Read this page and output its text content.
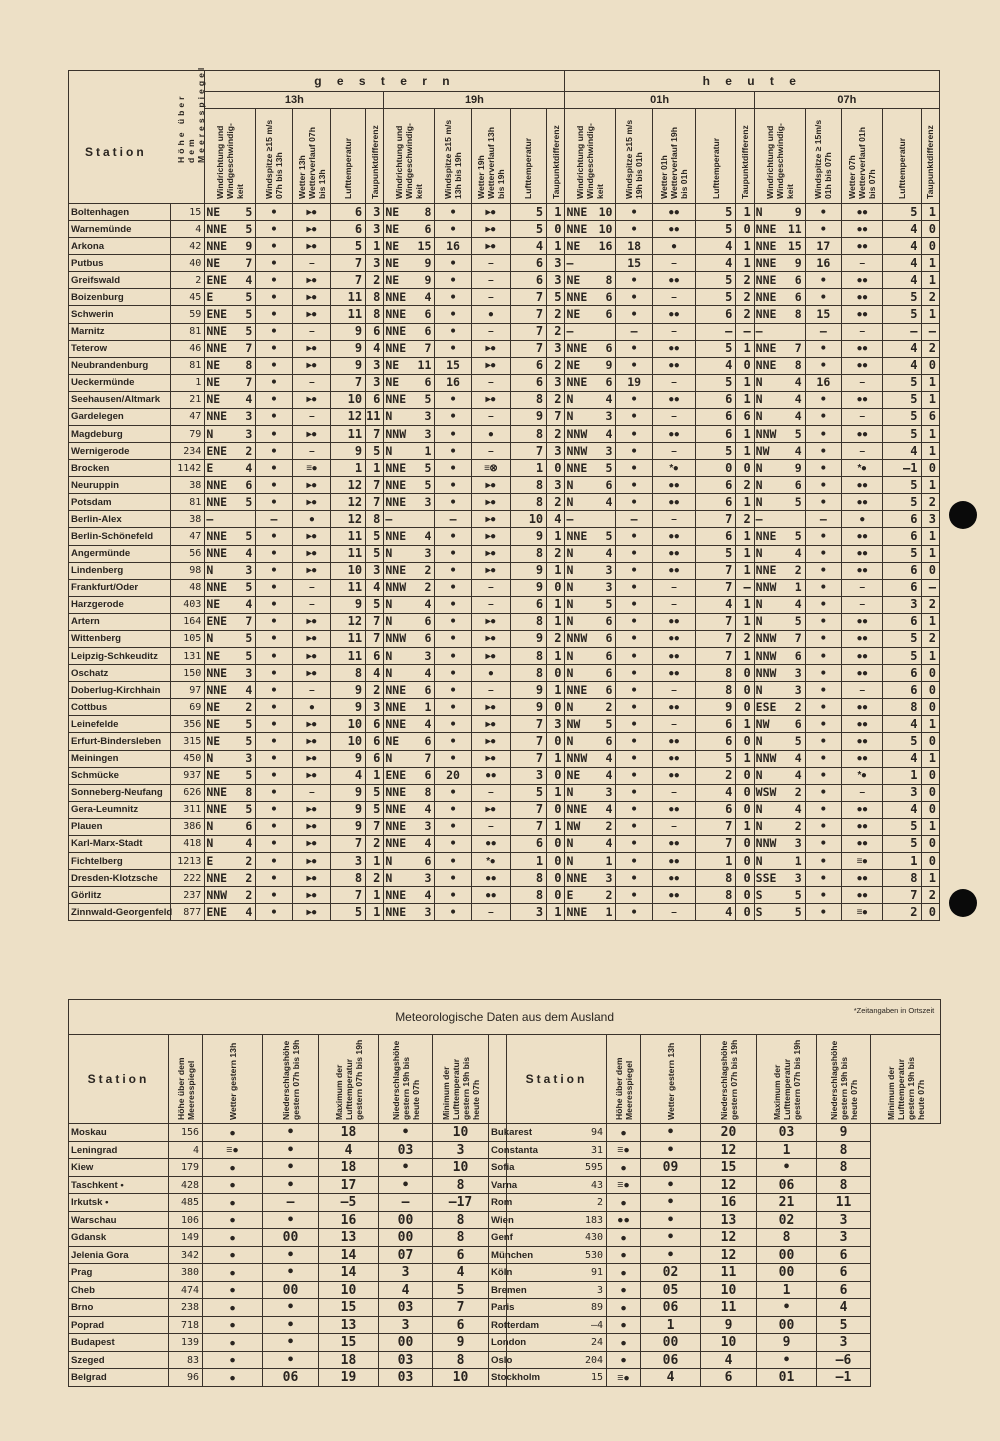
Station Höhe über dem Meeresspiegel		g e s t e r n										h e u t e									
		13h					19h					01h					07h				

		Windrichtung und Windgeschwindig-keit	Windspitze ≥15 m/s 07h bis 13h	Wetter 13h Wetterverlauf 07h bis 13h	Lufttemperatur	Taupunktdifferenz	Windrichtung und Windgeschwindig-keit	Windspitze ≥15 m/s 13h bis 19h	Wetter 19h Wetterverlauf 13h bis 19h	Lufttemperatur	Taupunktdifferenz	Windrichtung und Windgeschwindig-keit	Windspitze ≥15 m/s 19h bis 01h	Wetter 01h Wetterverlauf 19h bis 01h	Lufttemperatur	Taupunktdifferenz	Windrichtung und Windgeschwindig-keit	Windspitze ≥ 15m/s 01h bis 07h	Wetter 07h Wetterverlauf 01h bis 07h	Lufttemperatur	Taupunktdifferenz

Boltenhagen	15	NE 5	•	▸●	6	3	NE 8	•	▸●	5	1	NNE 10	•	●●	5	1	N 9	•	●●	5	1
Warnemünde	4	NNE 5	•	▸●	6	3	NE 6	•	▸●	5	0	NNE 10	•	●●	5	0	NNE 11	•	●●	4	0
Arkona	42	NNE 9	•	▸●	5	1	NE 15	16	▸●	4	1	NE 16	18	●	4	1	NNE 15	17	●●	4	0
Putbus	40	NE 7	•	–	7	3	NE 9	•	–	6	3	–	15	–	4	1	NNE 9	16	–	4	1
Greifswald	2	ENE 4	•	▸●	7	2	NE 9	•	–	6	3	NE 8	•	●●	5	2	NNE 6	•	●●	4	1
Boizenburg	45	E 5	•	▸●	11	8	NNE 4	•	–	7	5	NNE 6	•	–	5	2	NNE 6	•	●●	5	2
Schwerin	59	ENE 5	•	▸●	11	8	NNE 6	•	●	7	2	NE 6	•	●●	6	2	NNE 8	15	●●	5	1
Marnitz	81	NNE 5	•	–	9	6	NNE 6	•	–	7	2	–	–	–	–	–	–	–	–	–	–
Teterow	46	NNE 7	•	▸●	9	4	NNE 7	•	▸●	7	3	NNE 6	•	●●	5	1	NNE 7	•	●●	4	2
Neubrandenburg	81	NE 8	•	▸●	9	3	NE 11	15	▸●	6	2	NE 9	•	●●	4	0	NNE 8	•	●●	4	0
Ueckermünde	1	NE 7	•	–	7	3	NE 6	16	–	6	3	NNE 6	19	–	5	1	N 4	16	–	5	1
Seehausen/Altmark	21	NE 4	•	▸●	10	6	NNE 5	•	▸●	8	2	N 4	•	●●	6	1	N 4	•	●●	5	1
Gardelegen	47	NNE 3	•	–	12	11	N 3	•	–	9	7	N 3	•	–	6	6	N 4	•	–	5	6
Magdeburg	79	N 3	•	▸●	11	7	NNW 3	•	●	8	2	NNW 4	•	●●	6	1	NNW 5	•	●●	5	1
Wernigerode	234	ENE 2	•	–	9	5	N 1	•	–	7	3	NNW 3	•	–	5	1	NW 4	•	–	4	1
Brocken	1142	E 4	•	≡●	1	1	NNE 5	•	≡⊗	1	0	NNE 5	•	*●	0	0	N 9	•	*●	–1	0
Neuruppin	38	NNE 6	•	▸●	12	7	NNE 5	•	▸●	8	3	N 6	•	●●	6	2	N 6	•	●●	5	1
Potsdam	81	NNE 5	•	▸●	12	7	NNE 3	•	▸●	8	2	N 4	•	●●	6	1	N 5	•	●●	5	2
Berlin-Alex	38	–	–	●	12	8	–	–	▸●	10	4	–	–	–	7	2	–	–	●	6	3
Berlin-Schönefeld	47	NNE 5	•	▸●	11	5	NNE 4	•	▸●	9	1	NNE 5	•	●●	6	1	NNE 5	•	●●	6	1
Angermünde	56	NNE 4	•	▸●	11	5	N 3	•	▸●	8	2	N 4	•	●●	5	1	N 4	•	●●	5	1
Lindenberg	98	N 3	•	▸●	10	3	NNE 2	•	▸●	9	1	N 3	•	●●	7	1	NNE 2	•	●●	6	0
Frankfurt/Oder	48	NNE 5	•	–	11	4	NNW 2	•	–	9	0	N 3	•	–	7	–	NNW 1	•	–	6	–
Harzgerode	403	NE 4	•	–	9	5	N 4	•	–	6	1	N 5	•	–	4	1	N 4	•	–	3	2
Artern	164	ENE 7	•	▸●	12	7	N 6	•	▸●	8	1	N 6	•	●●	7	1	N 5	•	●●	6	1
Wittenberg	105	N 5	•	▸●	11	7	NNW 6	•	▸●	9	2	NNW 6	•	●●	7	2	NNW 7	•	●●	5	2
Leipzig-Schkeuditz	131	NE 5	•	▸●	11	6	N 3	•	▸●	8	1	N 6	•	●●	7	1	NNW 6	•	●●	5	1
Oschatz	150	NNE 3	•	▸●	8	4	N 4	•	●	8	0	N 6	•	●●	8	0	NNW 3	•	●●	6	0
Doberlug-Kirchhain	97	NNE 4	•	–	9	2	NNE 6	•	–	9	1	NNE 6	•	–	8	0	N 3	•	–	6	0
Cottbus	69	NE 2	•	●	9	3	NNE 1	•	▸●	9	0	N 2	•	●●	9	0	ESE 2	•	●●	8	0
Leinefelde	356	NE 5	•	▸●	10	6	NNE 4	•	▸●	7	3	NW 5	•	–	6	1	NW 6	•	●●	4	1
Erfurt-Bindersleben	315	NE 5	•	▸●	10	6	NE 6	•	▸●	7	0	N 6	•	●●	6	0	N 5	•	●●	5	0
Meiningen	450	N 3	•	▸●	9	6	N 7	•	▸●	7	1	NNW 4	•	●●	5	1	NNW 4	•	●●	4	1
Schmücke	937	NE 5	•	▸●	4	1	ENE 6	20	●●	3	0	NE 4	•	●●	2	0	N 4	•	*●	1	0
Sonneberg-Neufang	626	NNE 8	•	–	9	5	NNE 8	•	–	5	1	N 3	•	–	4	0	WSW 2	•	–	3	0
Gera-Leumnitz	311	NNE 5	•	▸●	9	5	NNE 4	•	▸●	7	0	NNE 4	•	●●	6	0	N 4	•	●●	4	0
Plauen	386	N 6	•	▸●	9	7	NNE 3	•	–	7	1	NW 2	•	–	7	1	N 2	•	●●	5	1
Karl-Marx-Stadt	418	N 4	•	▸●	7	2	NNE 4	•	●●	6	0	N 4	•	●●	7	0	NNW 3	•	●●	5	0
Fichtelberg	1213	E 2	•	▸●	3	1	N 6	•	*●	1	0	N 1	•	●●	1	0	N 1	•	≡●	1	0
Dresden-Klotzsche	222	NNE 2	•	▸●	8	2	N 3	•	●●	8	0	NNE 3	•	●●	8	0	SSE 3	•	●●	8	1
Görlitz	237	NNW 2	•	▸●	7	1	NNE 4	•	●●	8	0	E 2	•	●●	8	0	S 5	•	●●	7	2
Zinnwald-Georgenfeld	877	ENE 4	•	▸●	5	1	NNE 3	•	–	3	1	NNE 1	•	–	4	0	S 5	•	≡●	2	0
Meteorologische Daten aus dem Ausland *Zeitangaben in Ortszeit														

Station	Höhe über dem Meeresspiegel	Wetter gestern 13h	Niederschlagshöhe gestern 07h bis 19h	Maximum der Lufttemperatur gestern 07h bis 19h	Niederschlagshöhe gestern 19h bis heute 07h	Minimum der Lufttemperatur gestern 19h bis heute 07h		Station	Höhe über dem Meeresspiegel	Wetter gestern 13h	Niederschlagshöhe gestern 07h bis 19h	Maximum der Lufttemperatur gestern 07h bis 19h	Niederschlagshöhe gestern 19h bis heute 07h	Minimum der Lufttemperatur gestern 19h bis heute 07h

Moskau	156	●	•	18	•	10	Bukarest	94	●	•	20	03	9	
Leningrad	4	≡●	•	4	03	3	Constanta	31	≡●	•	12	1	8	
Kiew	179	●	•	18	•	10	Sofia	595	●	09	15	•	8	
Taschkent •	428	●	•	17	•	8	Varna	43	≡●	•	12	06	8	
Irkutsk •	485	●	–	–5	–	–17	Rom	2	●	•	16	21	11	
Warschau	106	●	•	16	00	8	Wien	183	●●	•	13	02	3	
Gdansk	149	●	00	13	00	8	Genf	430	●	•	12	8	3	
Jelenia Gora	342	●	•	14	07	6	München	530	●	•	12	00	6	
Prag	380	●	•	14	3	4	Köln	91	●	02	11	00	6	
Cheb	474	●	00	10	4	5	Bremen	3	●	05	10	1	6	
Brno	238	●	•	15	03	7	Paris	89	●	06	11	•	4	
Poprad	718	●	•	13	3	6	Rotterdam	–4	●	1	9	00	5	
Budapest	139	●	•	15	00	9	London	24	●	00	10	9	3	
Szeged	83	●	•	18	03	8	Oslo	204	●	06	4	•	–6	
Belgrad	96	●	06	19	03	10	Stockholm	15	≡●	4	6	01	–1	
